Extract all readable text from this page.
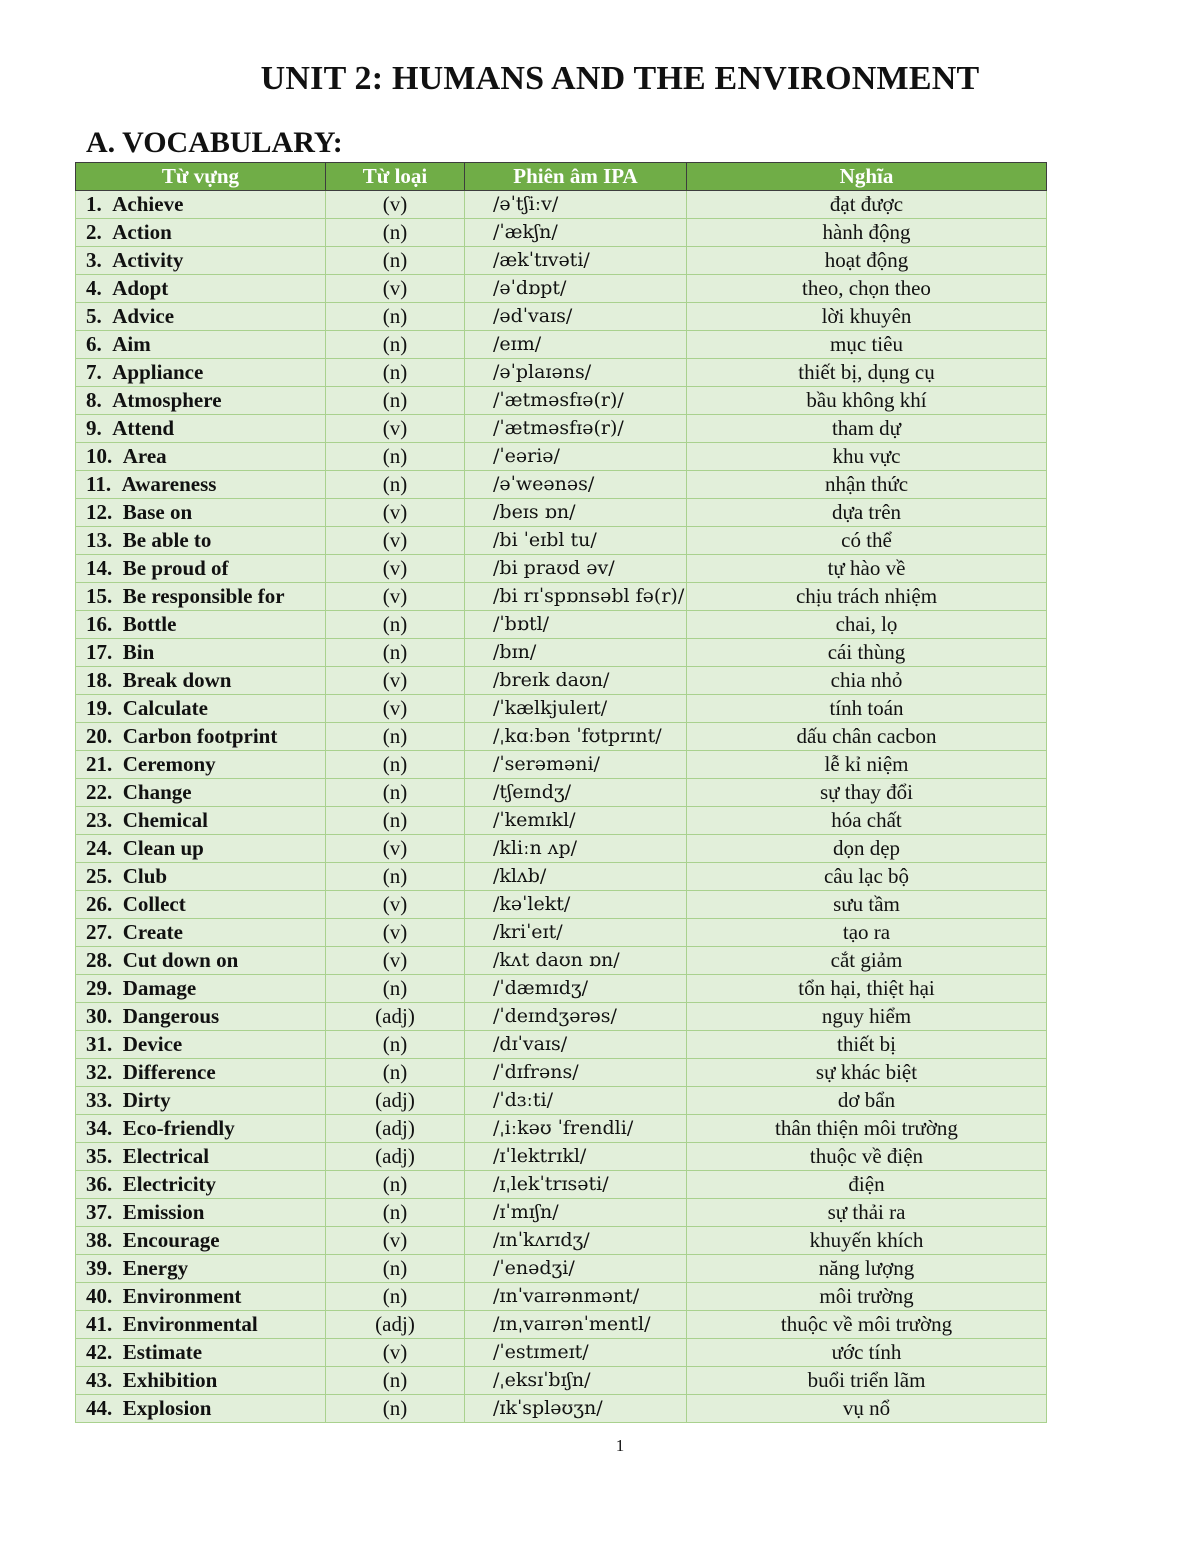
UNIT 2: HUMANS AND THE ENVIRONMENT
A. VOCABULARY:
Từ vựng	Từ loại	Phiên âm IPA	Nghĩa
1. Achieve	(v)	/əˈtʃiːv/	đạt được
2. Action	(n)	/ˈækʃn/	hành động
3. Activity	(n)	/ækˈtɪvəti/	hoạt động
4. Adopt	(v)	/əˈdɒpt/	theo, chọn theo
5. Advice	(n)	/ədˈvaɪs/	lời khuyên
6. Aim	(n)	/eɪm/	mục tiêu
7. Appliance	(n)	/əˈplaɪəns/	thiết bị, dụng cụ
8. Atmosphere	(n)	/ˈætməsfɪə(r)/	bầu không khí
9. Attend	(v)	/ˈætməsfɪə(r)/	tham dự
10. Area	(n)	/ˈeəriə/	khu vực
11. Awareness	(n)	/əˈweənəs/	nhận thức
12. Base on	(v)	/beɪs ɒn/	dựa trên
13. Be able to	(v)	/bi ˈeɪbl tu/	có thể
14. Be proud of	(v)	/bi praʊd əv/	tự hào về
15. Be responsible for	(v)	/bi rɪˈspɒnsəbl fə(r)/	chịu trách nhiệm
16. Bottle	(n)	/ˈbɒtl/	chai, lọ
17. Bin	(n)	/bɪn/	cái thùng
18. Break down	(v)	/breɪk daʊn/	chia nhỏ
19. Calculate	(v)	/ˈkælkjuleɪt/	tính toán
20. Carbon footprint	(n)	/ˌkɑːbən ˈfʊtprɪnt/	dấu chân cacbon
21. Ceremony	(n)	/ˈserəməni/	lễ kỉ niệm
22. Change	(n)	/tʃeɪndʒ/	sự thay đổi
23. Chemical	(n)	/ˈkemɪkl/	hóa chất
24. Clean up	(v)	/kliːn ʌp/	dọn dẹp
25. Club	(n)	/klʌb/	câu lạc bộ
26. Collect	(v)	/kəˈlekt/	sưu tầm
27. Create	(v)	/kriˈeɪt/	tạo ra
28. Cut down on	(v)	/kʌt daʊn ɒn/	cắt giảm
29. Damage	(n)	/ˈdæmɪdʒ/	tổn hại, thiệt hại
30. Dangerous	(adj)	/ˈdeɪndʒərəs/	nguy hiểm
31. Device	(n)	/dɪˈvaɪs/	thiết bị
32. Difference	(n)	/ˈdɪfrəns/	sự khác biệt
33. Dirty	(adj)	/ˈdɜːti/	dơ bẩn
34. Eco-friendly	(adj)	/ˌiːkəʊ ˈfrendli/	thân thiện môi trường
35. Electrical	(adj)	/ɪˈlektrɪkl/	thuộc về điện
36. Electricity	(n)	/ɪˌlekˈtrɪsəti/	điện
37. Emission	(n)	/ɪˈmɪʃn/	sự thải ra
38. Encourage	(v)	/ɪnˈkʌrɪdʒ/	khuyến khích
39. Energy	(n)	/ˈenədʒi/	năng lượng
40. Environment	(n)	/ɪnˈvaɪrənmənt/	môi trường
41. Environmental	(adj)	/ɪnˌvaɪrənˈmentl/	thuộc về môi trường
42. Estimate	(v)	/ˈestɪmeɪt/	ước tính
43. Exhibition	(n)	/ˌeksɪˈbɪʃn/	buổi triển lãm
44. Explosion	(n)	/ɪkˈspləʊʒn/	vụ nổ
1
